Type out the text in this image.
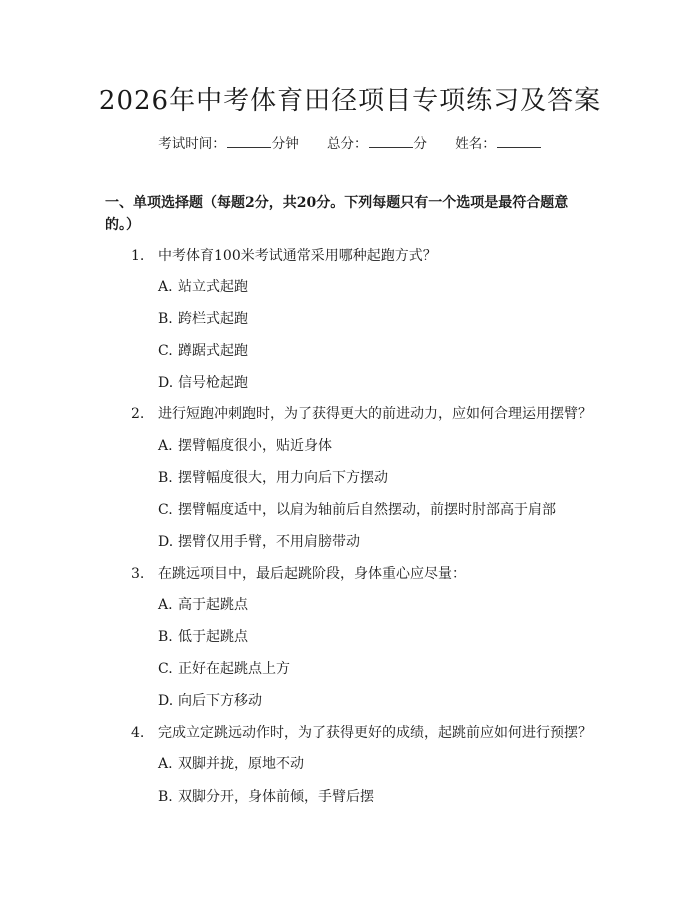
2026年中考体育田径项目专项练习及答案
考试时间：	分钟 总分：	分 姓名：
一、单项选择题（每题2分，共20分。下列每题只有一个选项是最符合题意的。）
1. 中考体育100米考试通常采用哪种起跑方式？
A. 站立式起跑
B. 跨栏式起跑
C. 蹲踞式起跑
D. 信号枪起跑
2. 进行短跑冲刺跑时，为了获得更大的前进动力，应如何合理运用摆臂？
A. 摆臂幅度很小，贴近身体
B. 摆臂幅度很大，用力向后下方摆动
C. 摆臂幅度适中，以肩为轴前后自然摆动，前摆时肘部高于肩部
D. 摆臂仅用手臂，不用肩膀带动
3. 在跳远项目中，最后起跳阶段，身体重心应尽量：
A. 高于起跳点
B. 低于起跳点
C. 正好在起跳点上方
D. 向后下方移动
4. 完成立定跳远动作时，为了获得更好的成绩，起跳前应如何进行预摆？
A. 双脚并拢，原地不动
B. 双脚分开，身体前倾，手臂后摆
